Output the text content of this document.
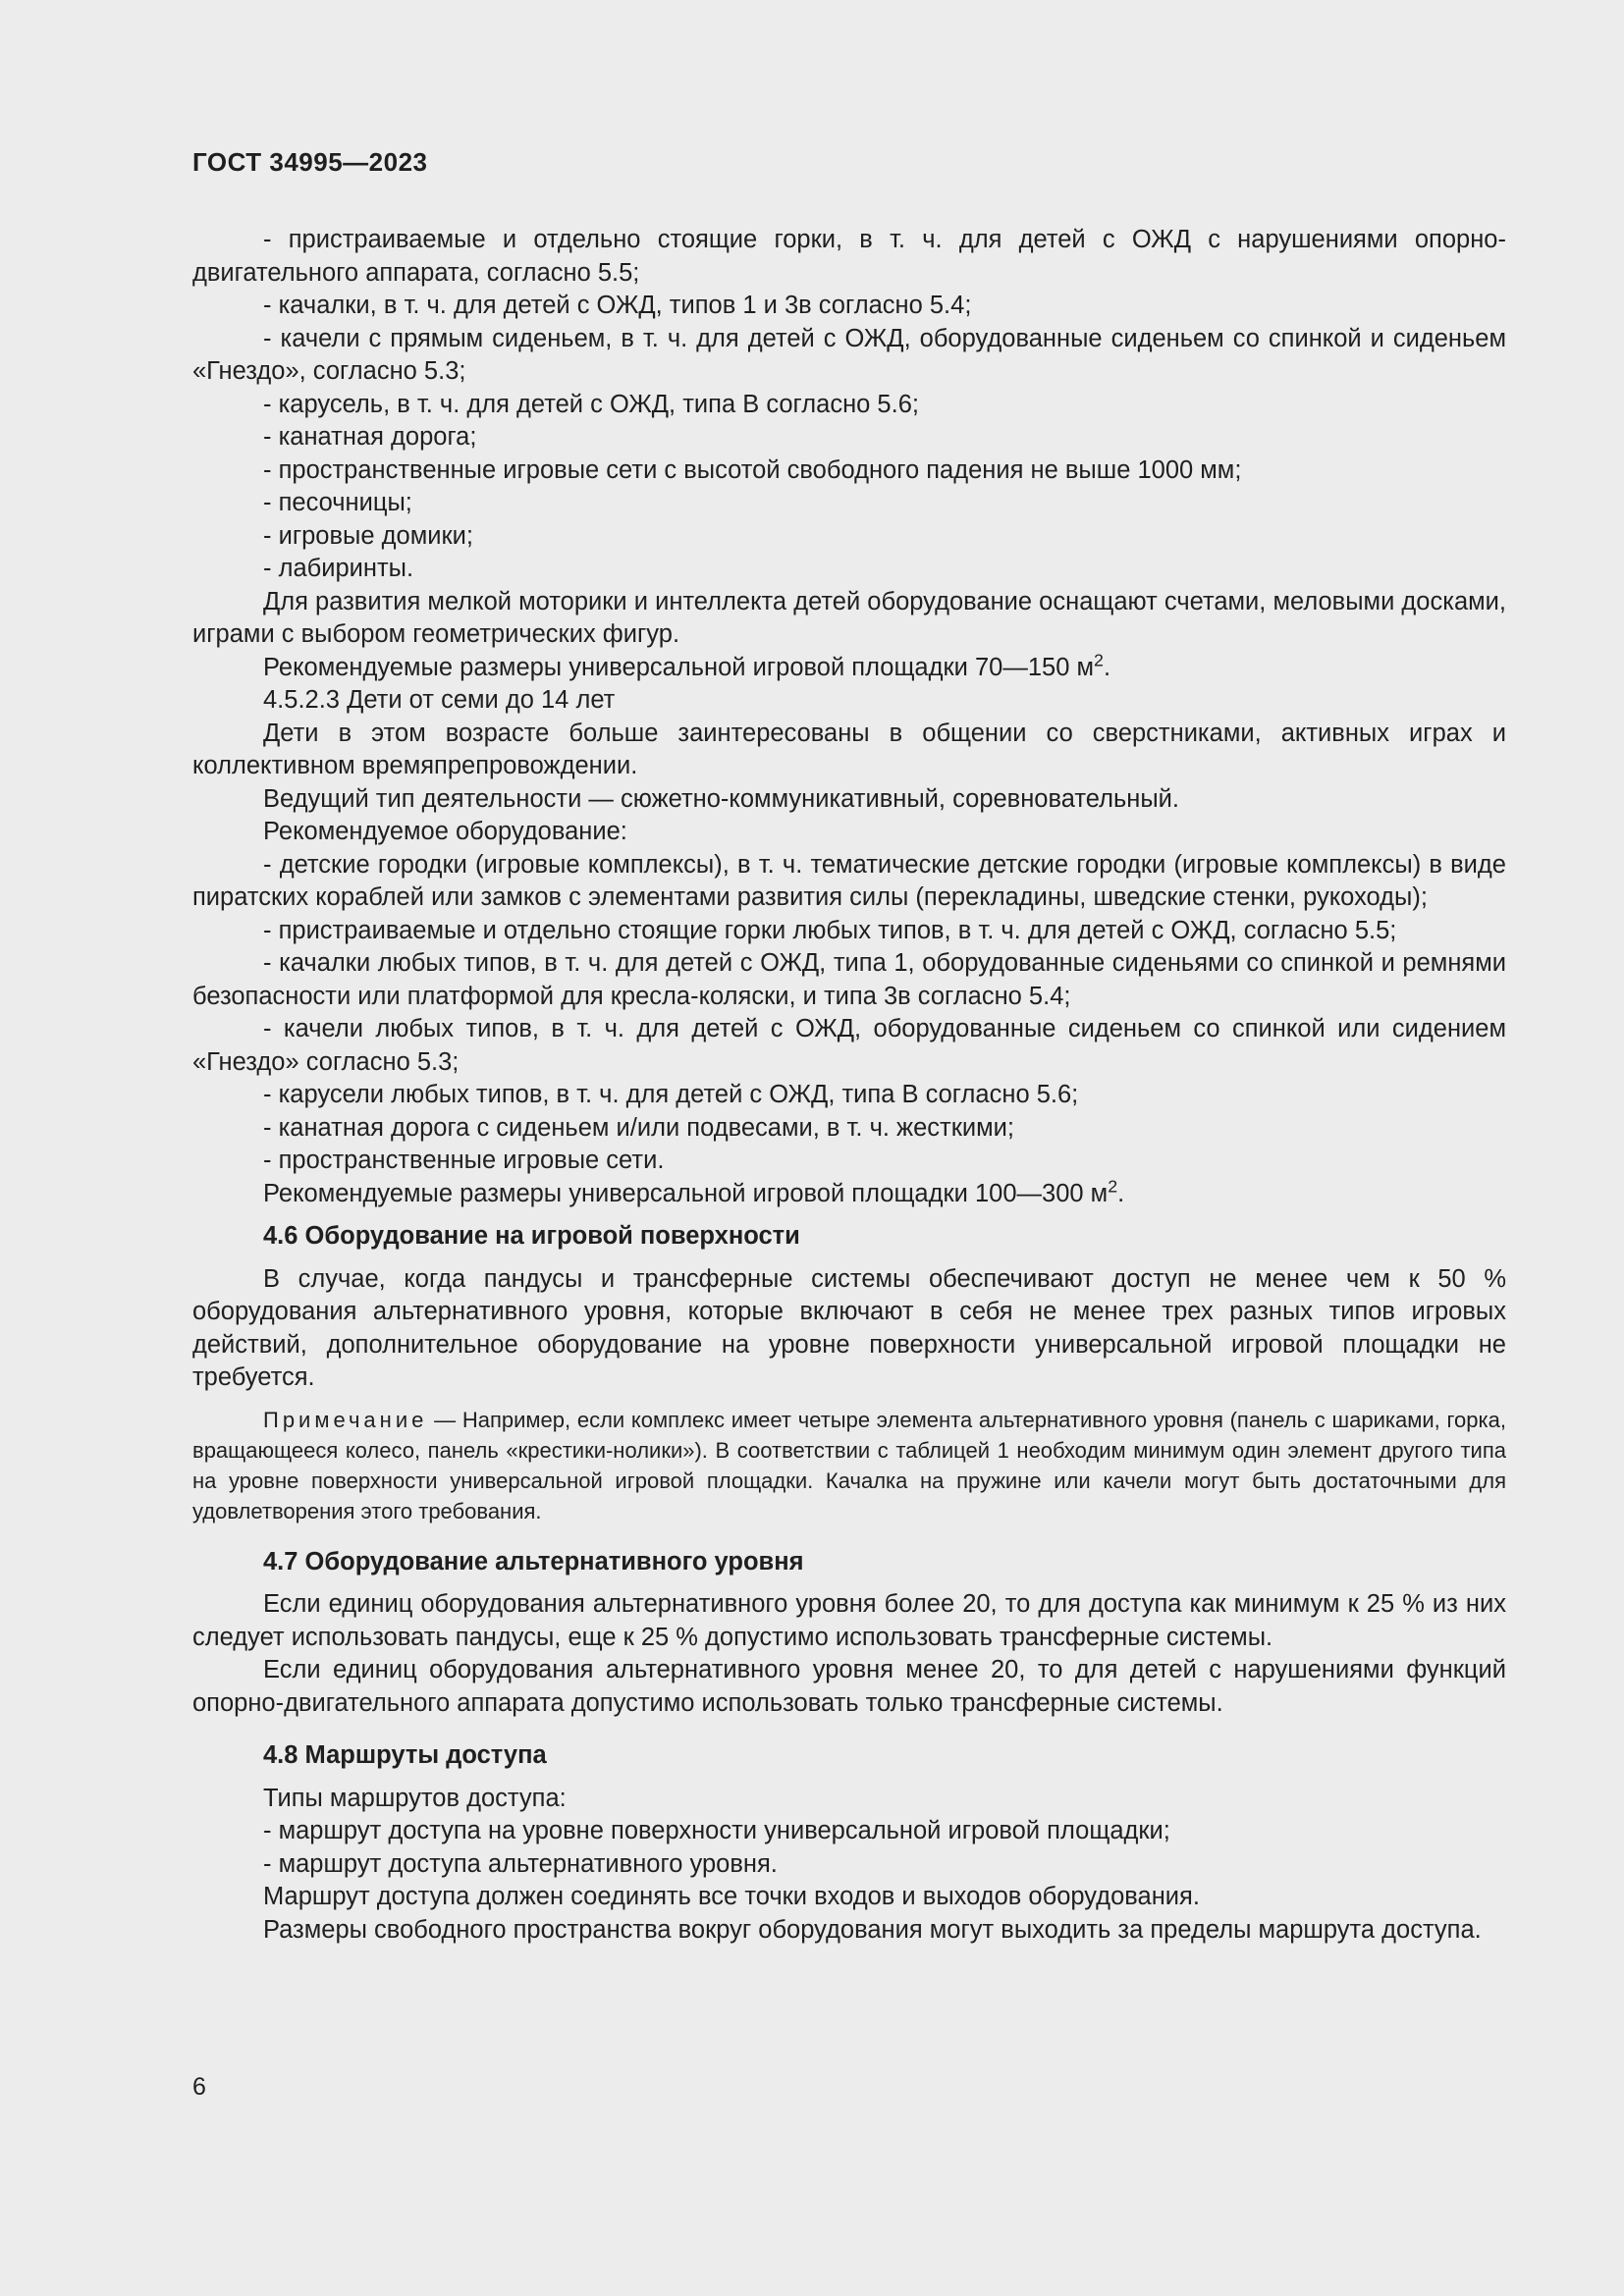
ГОСТ 34995—2023

- пристраиваемые и отдельно стоящие горки, в т. ч. для детей с ОЖД с нарушениями опорно-двигательного аппарата, согласно 5.5;

- качалки, в т. ч. для детей с ОЖД, типов 1 и 3в согласно 5.4;

- качели с прямым сиденьем, в т. ч. для детей с ОЖД, оборудованные сиденьем со спинкой и сиденьем «Гнездо», согласно 5.3;

- карусель, в т. ч. для детей с ОЖД, типа В согласно 5.6;

- канатная дорога;

- пространственные игровые сети с высотой свободного падения не выше 1000 мм;

- песочницы;

- игровые домики;

- лабиринты.

Для развития мелкой моторики и интеллекта детей оборудование оснащают счетами, меловыми досками, играми с выбором геометрических фигур.

Рекомендуемые размеры универсальной игровой площадки 70—150 $м^2$.

4.5.2.3 Дети от семи до 14 лет

Дети в этом возрасте больше заинтересованы в общении со сверстниками, активных играх и коллективном времяпрепровождении.

Ведущий тип деятельности — сюжетно-коммуникативный, соревновательный.

Рекомендуемое оборудование:

- детские городки (игровые комплексы), в т. ч. тематические детские городки (игровые комплексы) в виде пиратских кораблей или замков с элементами развития силы (перекладины, шведские стенки, рукоходы);

- пристраиваемые и отдельно стоящие горки любых типов, в т. ч. для детей с ОЖД, согласно 5.5;

- качалки любых типов, в т. ч. для детей с ОЖД, типа 1, оборудованные сиденьями со спинкой и ремнями безопасности или платформой для кресла-коляски, и типа 3в согласно 5.4;

- качели любых типов, в т. ч. для детей с ОЖД, оборудованные сиденьем со спинкой или сидением «Гнездо» согласно 5.3;

- карусели любых типов, в т. ч. для детей с ОЖД, типа В согласно 5.6;

- канатная дорога с сиденьем и/или подвесами, в т. ч. жесткими;

- пространственные игровые сети.

Рекомендуемые размеры универсальной игровой площадки 100—300 $м^2$.

4.6 Оборудование на игровой поверхности

В случае, когда пандусы и трансферные системы обеспечивают доступ не менее чем к 50 % оборудования альтернативного уровня, которые включают в себя не менее трех разных типов игровых действий, дополнительное оборудование на уровне поверхности универсальной игровой площадки не требуется.

Примечание — Например, если комплекс имеет четыре элемента альтернативного уровня (панель с шариками, горка, вращающееся колесо, панель «крестики-нолики»). В соответствии с таблицей 1 необходим минимум один элемент другого типа на уровне поверхности универсальной игровой площадки. Качалка на пружине или качели могут быть достаточными для удовлетворения этого требования.

4.7 Оборудование альтернативного уровня

Если единиц оборудования альтернативного уровня более 20, то для доступа как минимум к 25 % из них следует использовать пандусы, еще к 25 % допустимо использовать трансферные системы.

Если единиц оборудования альтернативного уровня менее 20, то для детей с нарушениями функций опорно-двигательного аппарата допустимо использовать только трансферные системы.

4.8 Маршруты доступа

Типы маршрутов доступа:

- маршрут доступа на уровне поверхности универсальной игровой площадки;

- маршрут доступа альтернативного уровня.

Маршрут доступа должен соединять все точки входов и выходов оборудования.

Размеры свободного пространства вокруг оборудования могут выходить за пределы маршрута доступа.

6
